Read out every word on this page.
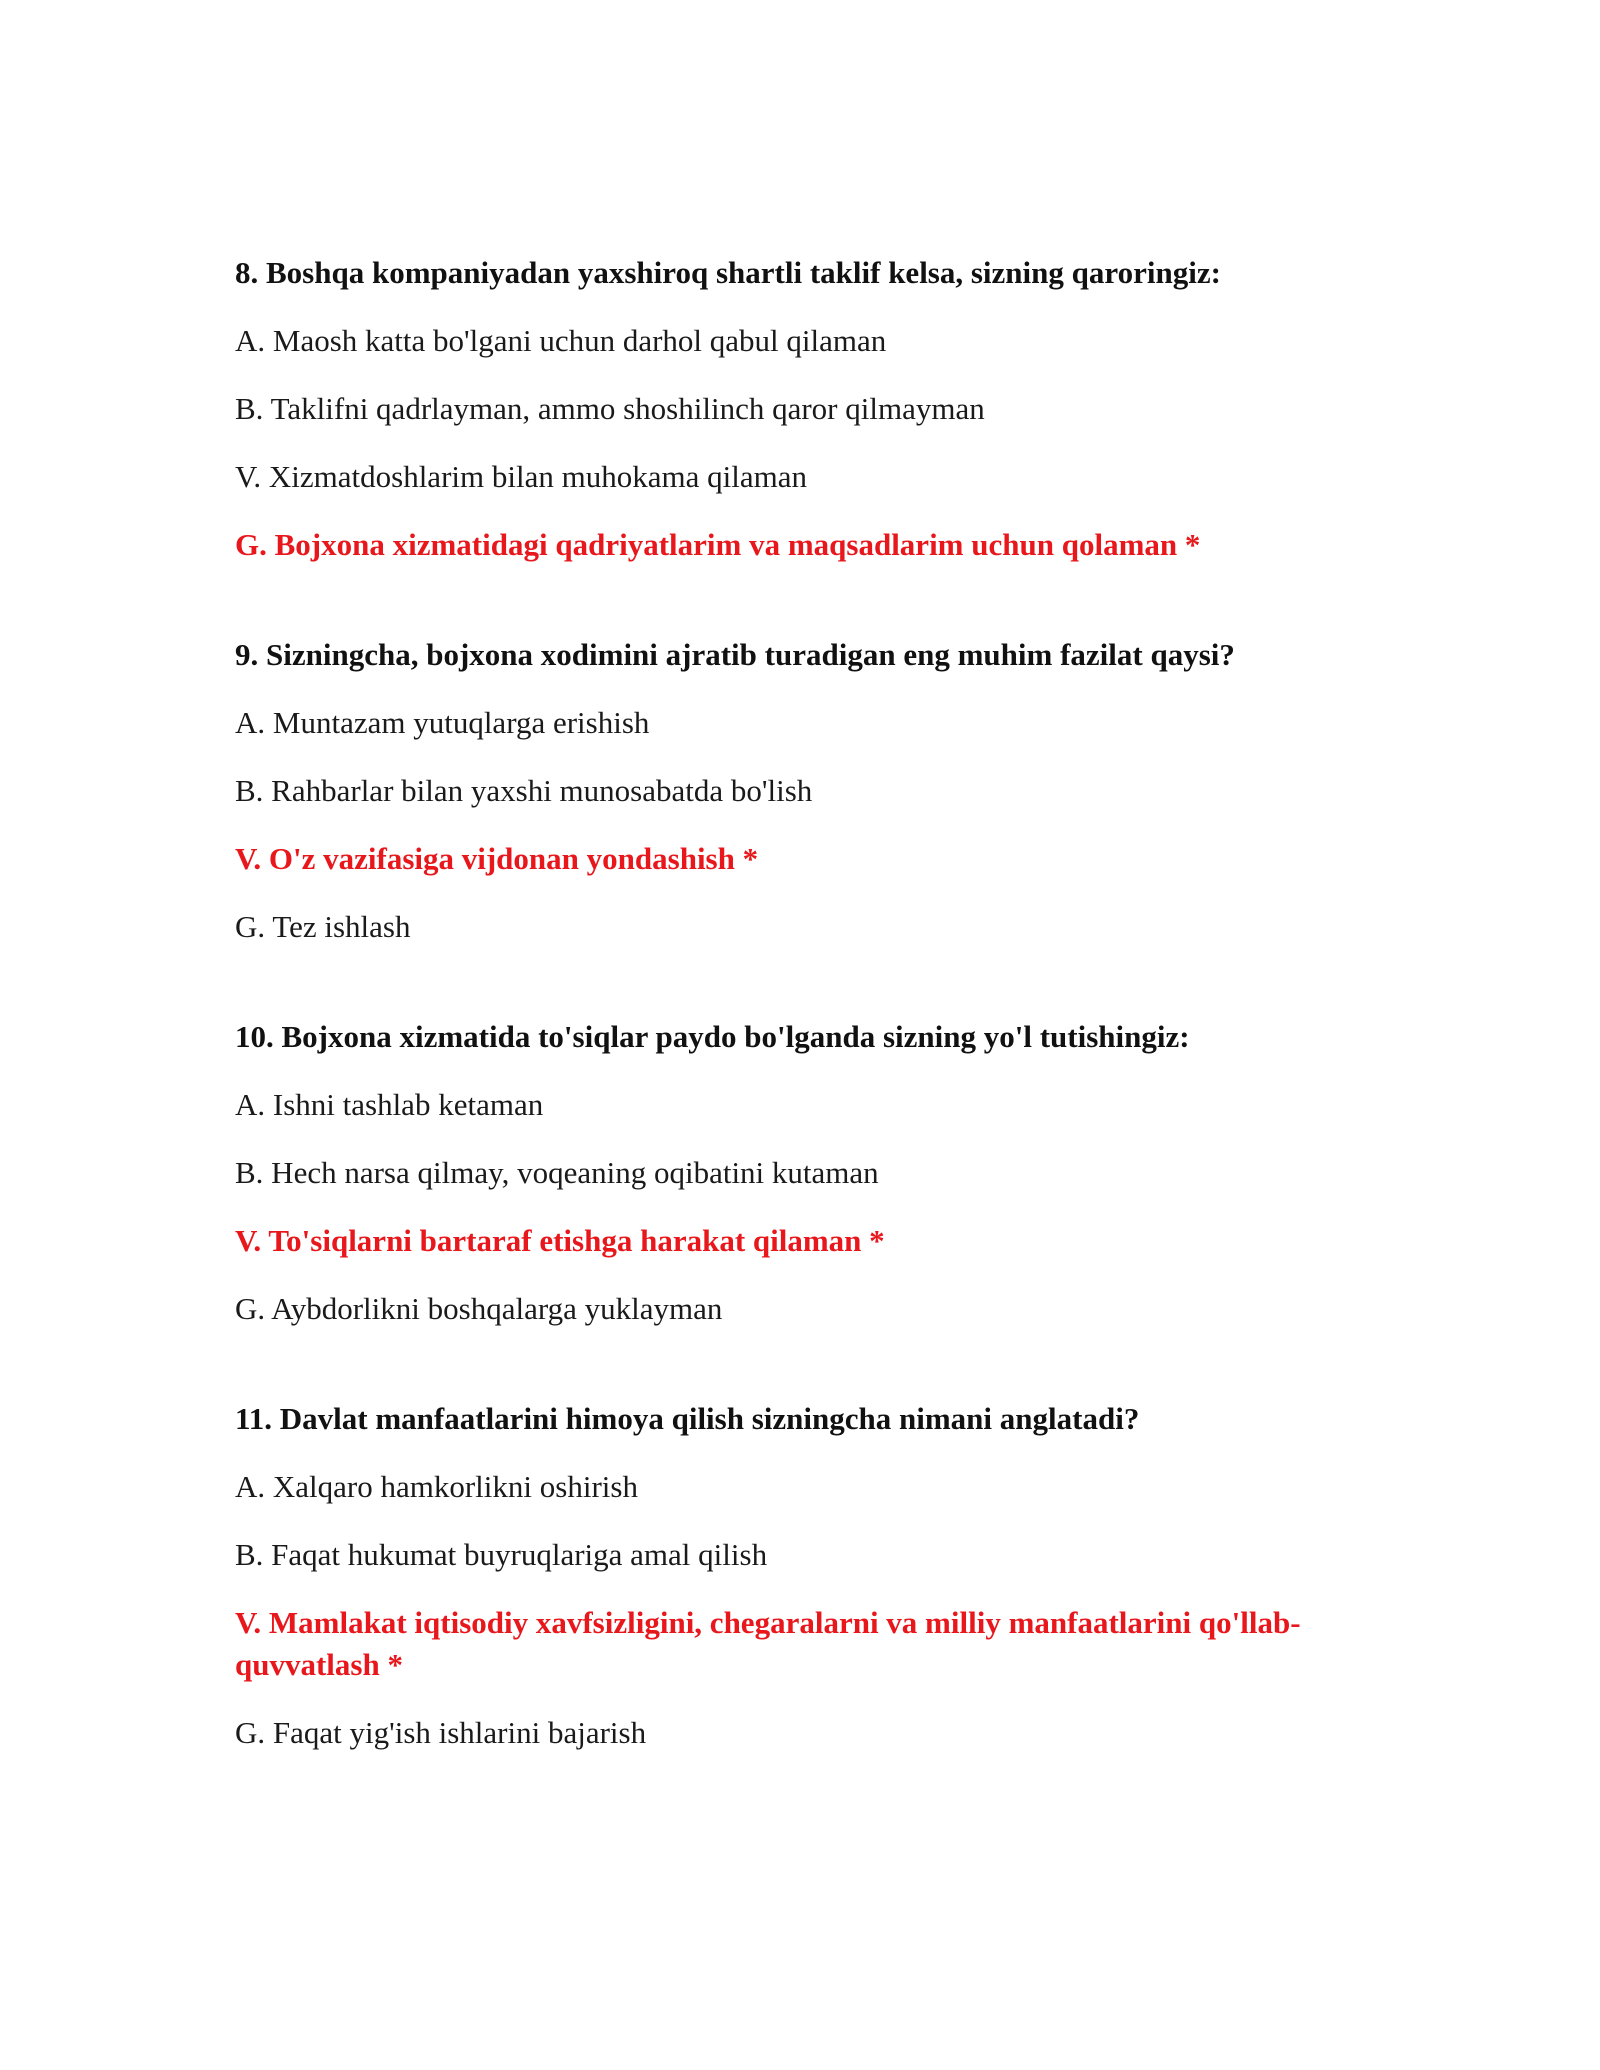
8. Boshqa kompaniyadan yaxshiroq shartli taklif kelsa, sizning qaroringiz:

A. Maosh katta bo'lgani uchun darhol qabul qilaman

B. Taklifni qadrlayman, ammo shoshilinch qaror qilmayman

V. Xizmatdoshlarim bilan muhokama qilaman

G. Bojxona xizmatidagi qadriyatlarim va maqsadlarim uchun qolaman *

9. Sizningcha, bojxona xodimini ajratib turadigan eng muhim fazilat qaysi?

A. Muntazam yutuqlarga erishish

B. Rahbarlar bilan yaxshi munosabatda bo'lish

V. O'z vazifasiga vijdonan yondashish *

G. Tez ishlash

10. Bojxona xizmatida to'siqlar paydo bo'lganda sizning yo'l tutishingiz:

A. Ishni tashlab ketaman

B. Hech narsa qilmay, voqeaning oqibatini kutaman

V. To'siqlarni bartaraf etishga harakat qilaman *

G. Aybdorlikni boshqalarga yuklayman

11. Davlat manfaatlarini himoya qilish sizningcha nimani anglatadi?

A. Xalqaro hamkorlikni oshirish

B. Faqat hukumat buyruqlariga amal qilish

V. Mamlakat iqtisodiy xavfsizligini, chegaralarni va milliy manfaatlarini qo'llab-quvvatlash *

G. Faqat yig'ish ishlarini bajarish
